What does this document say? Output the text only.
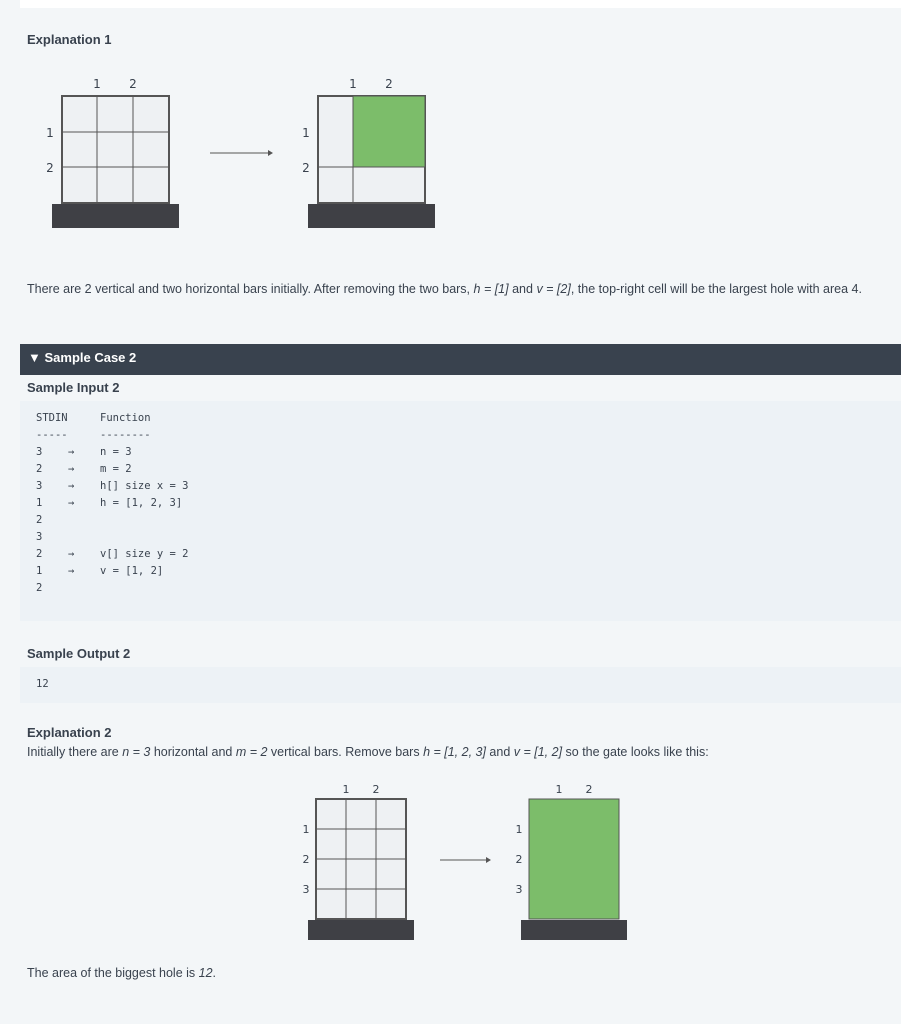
Explanation 1
1 2
1
2
1 2
1
2
There are 2 vertical and two horizontal bars initially. After removing the two bars, h = [1] and v = [2], the top-right cell will be the largest hole with area 4.
▼ Sample Case 2
Sample Input 2
STDIN	Function
-----	--------
3 → n = 3
2 → m = 2
3 → h[] size x = 3
1 → h = [1, 2, 3]
2
3
2 → v[] size y = 2
1 → v = [1, 2]
2
Sample Output 2
12
Explanation 2
Initially there are n = 3 horizontal and m = 2 vertical bars. Remove bars h = [1, 2, 3] and v = [1, 2] so the gate looks like this:
1 2
1
2
3
1 2
1
2
3
The area of the biggest hole is 12.
